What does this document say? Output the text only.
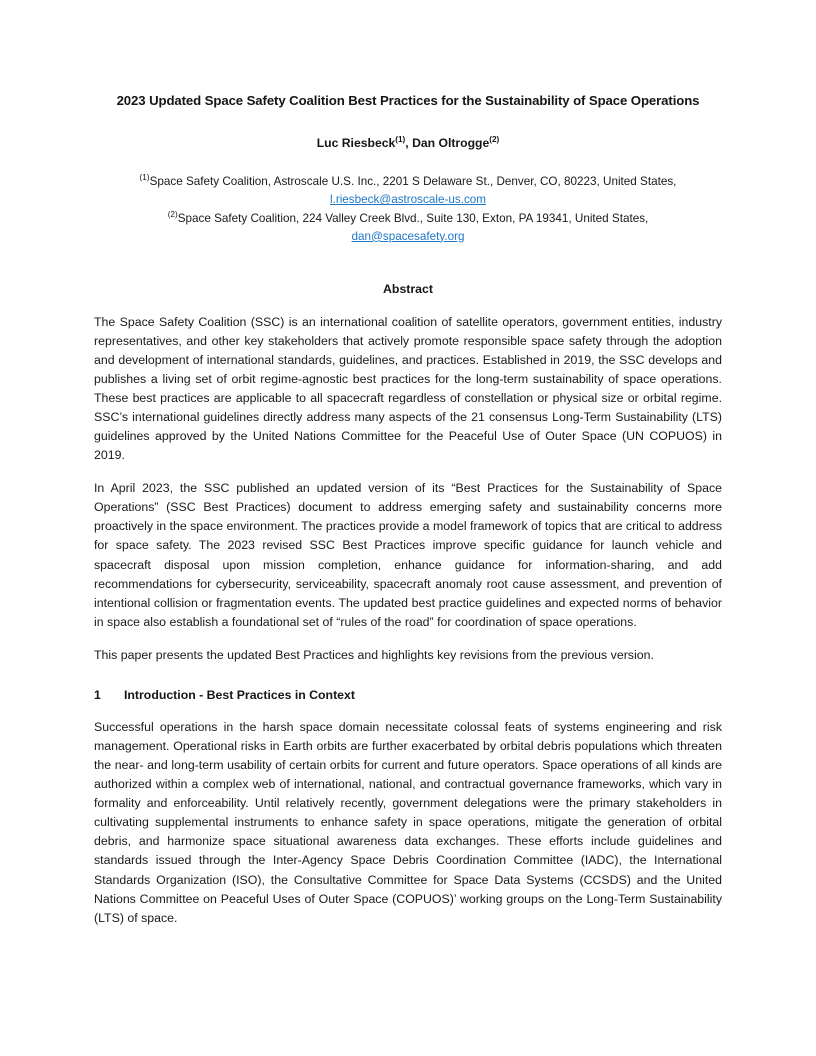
2023 Updated Space Safety Coalition Best Practices for the Sustainability of Space Operations

Luc Riesbeck$^{(1)}$, Dan Oltrogge$^{(2)}$

$^{(1)}$Space Safety Coalition, Astroscale U.S. Inc., 2201 S Delaware St., Denver, CO, 80223, United States,

l.riesbeck@astroscale-us.com

$^{(2)}$Space Safety Coalition, 224 Valley Creek Blvd., Suite 130, Exton, PA 19341, United States,

dan@spacesafety.org

Abstract

The Space Safety Coalition (SSC) is an international coalition of satellite operators, government entities, industry representatives, and other key stakeholders that actively promote responsible space safety through the adoption and development of international standards, guidelines, and practices. Established in 2019, the SSC develops and publishes a living set of orbit regime-agnostic best practices for the long-term sustainability of space operations. These best practices are applicable to all spacecraft regardless of constellation or physical size or orbital regime. SSC’s international guidelines directly address many aspects of the 21 consensus Long-Term Sustainability (LTS) guidelines approved by the United Nations Committee for the Peaceful Use of Outer Space (UN COPUOS) in 2019.

In April 2023, the SSC published an updated version of its “Best Practices for the Sustainability of Space Operations” (SSC Best Practices) document to address emerging safety and sustainability concerns more proactively in the space environment. The practices provide a model framework of topics that are critical to address for space safety. The 2023 revised SSC Best Practices improve specific guidance for launch vehicle and spacecraft disposal upon mission completion, enhance guidance for information-sharing, and add recommendations for cybersecurity, serviceability, spacecraft anomaly root cause assessment, and prevention of intentional collision or fragmentation events. The updated best practice guidelines and expected norms of behavior in space also establish a foundational set of “rules of the road” for coordination of space operations.

This paper presents the updated Best Practices and highlights key revisions from the previous version.

1 Introduction - Best Practices in Context

Successful operations in the harsh space domain necessitate colossal feats of systems engineering and risk management. Operational risks in Earth orbits are further exacerbated by orbital debris populations which threaten the near- and long-term usability of certain orbits for current and future operators. Space operations of all kinds are authorized within a complex web of international, national, and contractual governance frameworks, which vary in formality and enforceability. Until relatively recently, government delegations were the primary stakeholders in cultivating supplemental instruments to enhance safety in space operations, mitigate the generation of orbital debris, and harmonize space situational awareness data exchanges. These efforts include guidelines and standards issued through the Inter-Agency Space Debris Coordination Committee (IADC), the International Standards Organization (ISO), the Consultative Committee for Space Data Systems (CCSDS) and the United Nations Committee on Peaceful Uses of Outer Space (COPUOS)’ working groups on the Long-Term Sustainability (LTS) of space.
